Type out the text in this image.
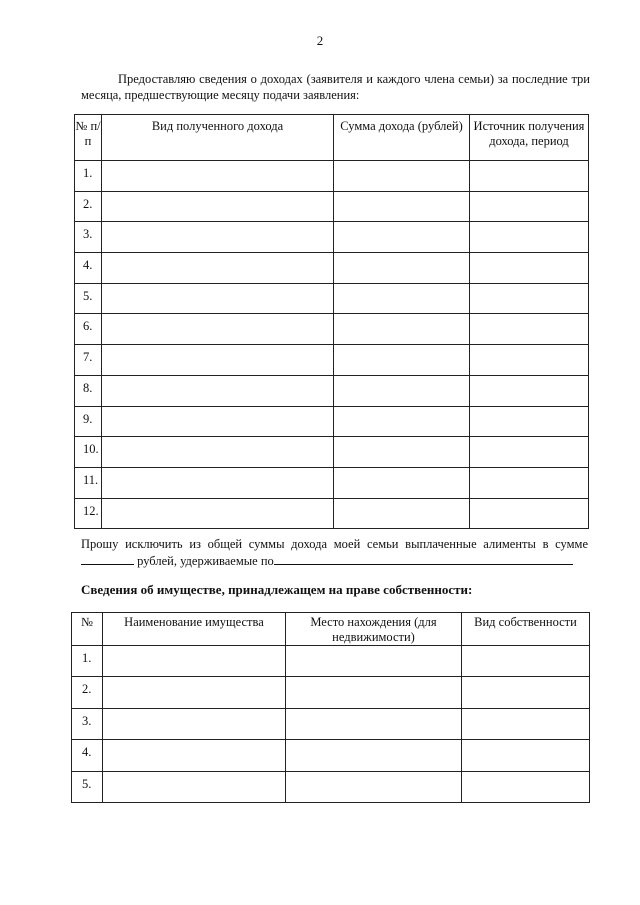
2
Предоставляю сведения о доходах (заявителя и каждого члена семьи) за последние три месяца, предшествующие месяцу подачи заявления:
№ п/п	Вид полученного дохода	Сумма дохода (рублей)	Источник получения дохода, период
1.			
2.			
3.			
4.			
5.			
6.			
7.			
8.			
9.			
10.			
11.			
12.			
Прошу исключить из общей суммы дохода моей семьи выплаченные алименты в сумме  рублей, удерживаемые по
Сведения об имуществе, принадлежащем на праве собственности:
№	Наименование имущества	Место нахождения (для недвижимости)	Вид собственности
1.			
2.			
3.			
4.			
5.			
